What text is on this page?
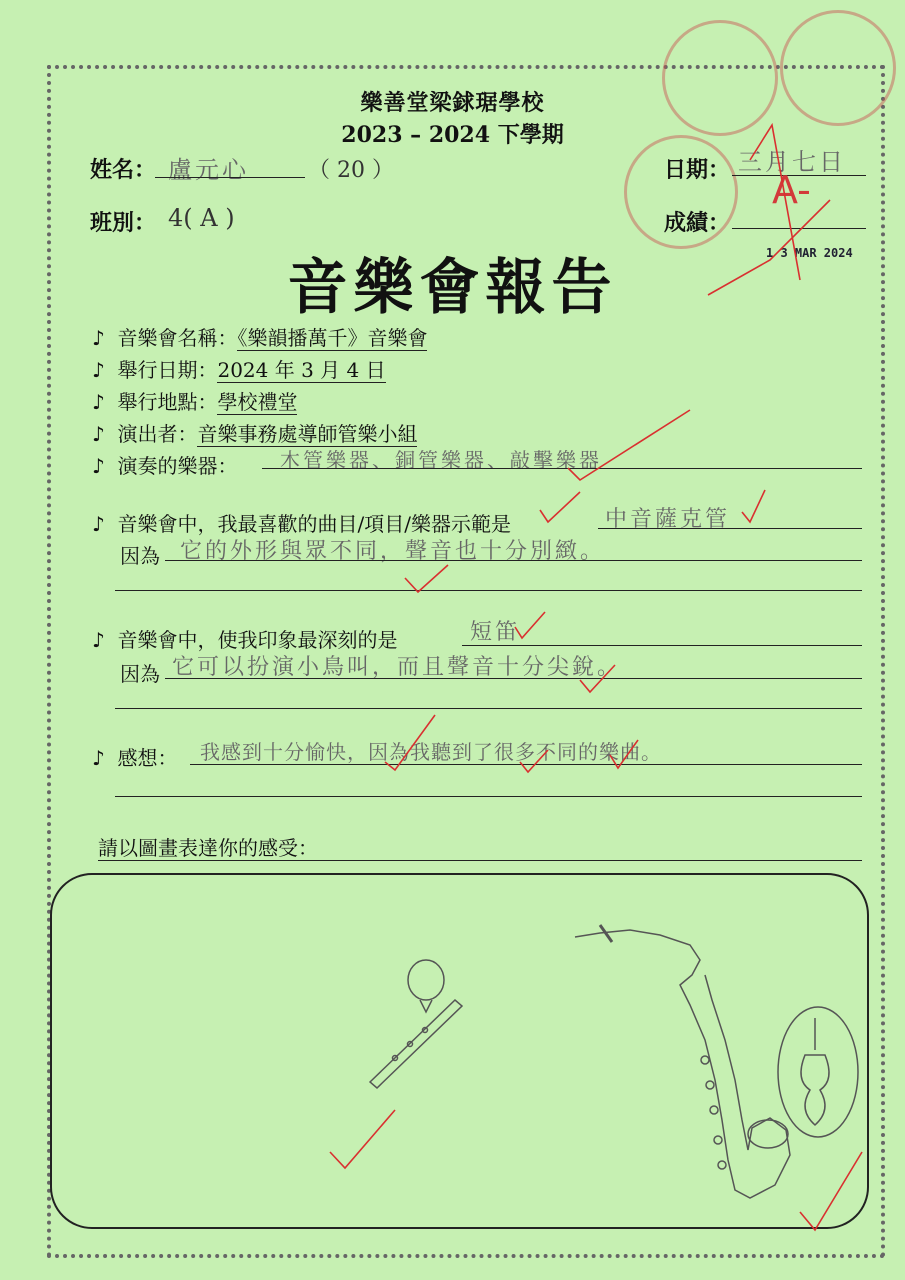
1 3 MAR 2024
樂善堂梁銶琚學校
2023 – 2024 下學期
姓名： 盧元心	（ 20 ）	日期： 三月七日
班別： 4( A )	成績：
A-
音樂會報告
♪ 音樂會名稱：《樂韻播萬千》音樂會
♪ 舉行日期：2024 年 3 月 4 日
♪ 舉行地點：學校禮堂
♪ 演出者：音樂事務處導師管樂小組
♪ 演奏的樂器： 木管樂器、銅管樂器、敲擊樂器
♪ 音樂會中，我最喜歡的曲目/項目/樂器示範是	中音薩克管
因為 它的外形與眾不同，聲音也十分別緻。
♪ 音樂會中，使我印象最深刻的是	短笛
因為 它可以扮演小鳥叫，而且聲音十分尖銳。
♪ 感想： 我感到十分愉快，因為我聽到了很多不同的樂曲。
請以圖畫表達你的感受：
